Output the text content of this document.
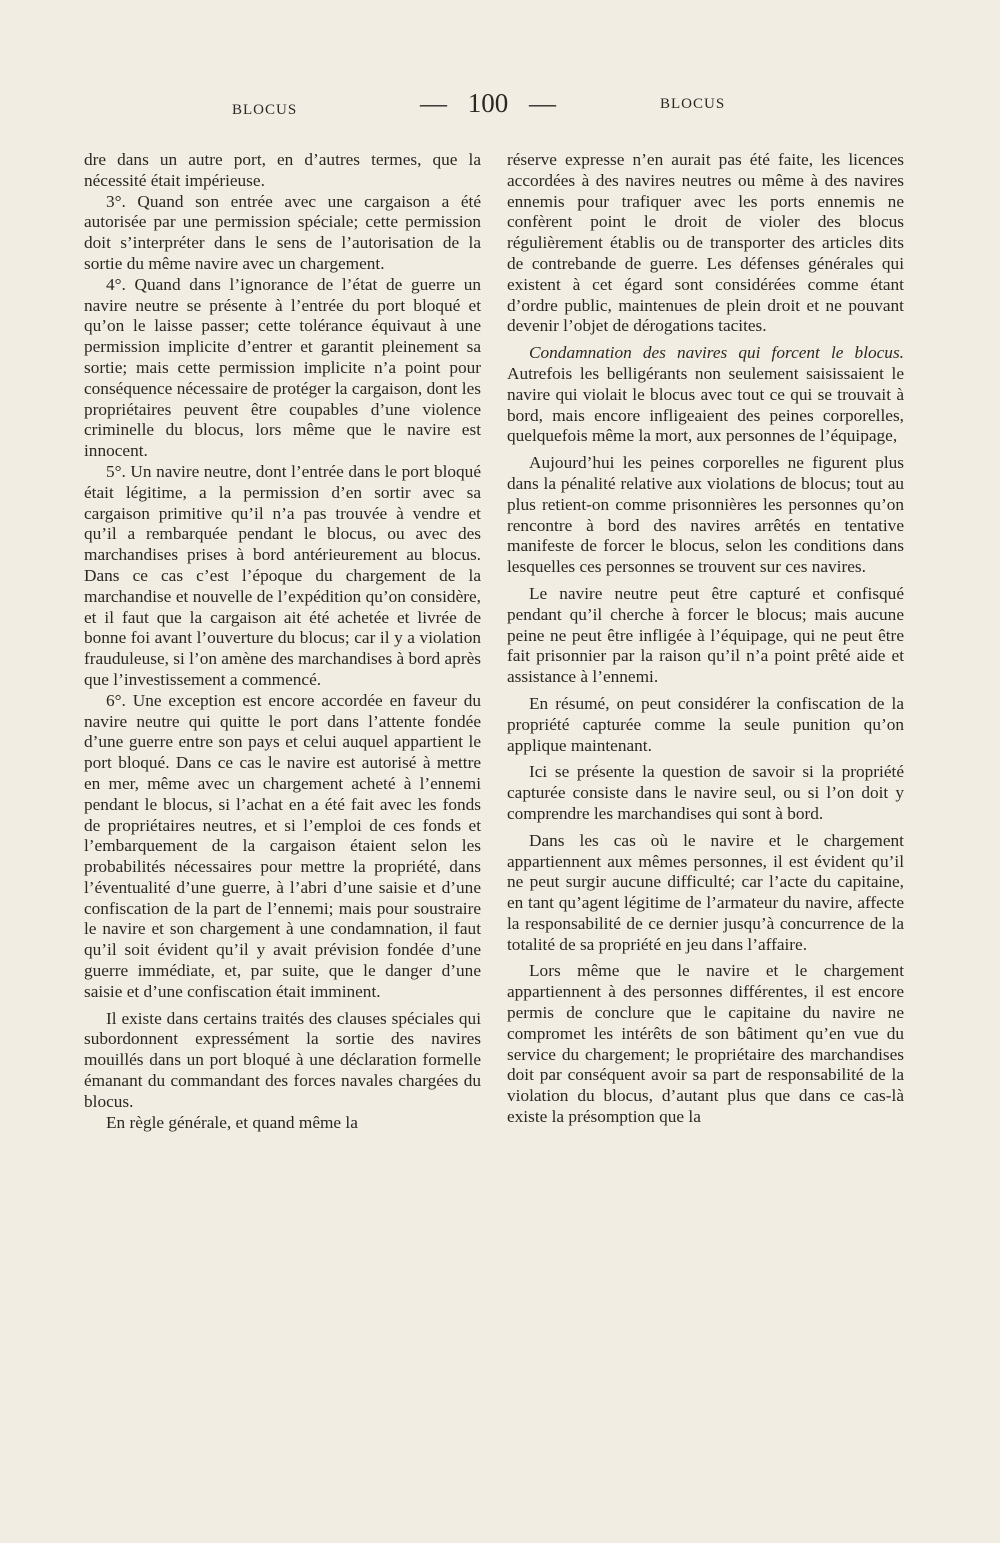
BLOCUS	— 100 —	BLOCUS

dre dans un autre port, en d’autres termes, que la nécessité était impérieuse.

3°. Quand son entrée avec une cargaison a été autorisée par une permission spéciale; cette permission doit s’interpréter dans le sens de l’autorisation de la sortie du même navire avec un chargement.

4°. Quand dans l’ignorance de l’état de guerre un navire neutre se présente à l’entrée du port bloqué et qu’on le laisse passer; cette tolérance équivaut à une permission implicite d’entrer et garantit pleinement sa sortie; mais cette permission implicite n’a point pour conséquence nécessaire de protéger la cargaison, dont les propriétaires peuvent être coupables d’une violence criminelle du blocus, lors même que le navire est innocent.

5°. Un navire neutre, dont l’entrée dans le port bloqué était légitime, a la permission d’en sortir avec sa cargaison primitive qu’il n’a pas trouvée à vendre et qu’il a rembarquée pendant le blocus, ou avec des marchandises prises à bord antérieurement au blocus. Dans ce cas c’est l’époque du chargement de la marchandise et nouvelle de l’expédition qu’on considère, et il faut que la cargaison ait été achetée et livrée de bonne foi avant l’ouverture du blocus; car il y a violation frauduleuse, si l’on amène des marchandises à bord après que l’investissement a commencé.

6°. Une exception est encore accordée en faveur du navire neutre qui quitte le port dans l’attente fondée d’une guerre entre son pays et celui auquel appartient le port bloqué. Dans ce cas le navire est autorisé à mettre en mer, même avec un chargement acheté à l’ennemi pendant le blocus, si l’achat en a été fait avec les fonds de propriétaires neutres, et si l’emploi de ces fonds et l’embarquement de la cargaison étaient selon les probabilités nécessaires pour mettre la propriété, dans l’éventualité d’une guerre, à l’abri d’une saisie et d’une confiscation de la part de l’ennemi; mais pour soustraire le navire et son chargement à une condamnation, il faut qu’il soit évident qu’il y avait prévision fondée d’une guerre immédiate, et, par suite, que le danger d’une saisie et d’une confiscation était imminent.

Il existe dans certains traités des clauses spéciales qui subordonnent expressément la sortie des navires mouillés dans un port bloqué à une déclaration formelle émanant du commandant des forces navales chargées du blocus.

En règle générale, et quand même la

réserve expresse n’en aurait pas été faite, les licences accordées à des navires neutres ou même à des navires ennemis pour trafiquer avec les ports ennemis ne confèrent point le droit de violer des blocus régulièrement établis ou de transporter des articles dits de contrebande de guerre. Les défenses générales qui existent à cet égard sont considérées comme étant d’ordre public, maintenues de plein droit et ne pouvant devenir l’objet de dérogations tacites.

Condamnation des navires qui forcent le blocus. Autrefois les belligérants non seulement saisissaient le navire qui violait le blocus avec tout ce qui se trouvait à bord, mais encore infligeaient des peines corporelles, quelquefois même la mort, aux personnes de l’équipage,

Aujourd’hui les peines corporelles ne figurent plus dans la pénalité relative aux violations de blocus; tout au plus retient-on comme prisonnières les personnes qu’on rencontre à bord des navires arrêtés en tentative manifeste de forcer le blocus, selon les conditions dans lesquelles ces personnes se trouvent sur ces navires.

Le navire neutre peut être capturé et confisqué pendant qu’il cherche à forcer le blocus; mais aucune peine ne peut être infligée à l’équipage, qui ne peut être fait prisonnier par la raison qu’il n’a point prêté aide et assistance à l’ennemi.

En résumé, on peut considérer la confiscation de la propriété capturée comme la seule punition qu’on applique maintenant.

Ici se présente la question de savoir si la propriété capturée consiste dans le navire seul, ou si l’on doit y comprendre les marchandises qui sont à bord.

Dans les cas où le navire et le chargement appartiennent aux mêmes personnes, il est évident qu’il ne peut surgir aucune difficulté; car l’acte du capitaine, en tant qu’agent légitime de l’armateur du navire, affecte la responsabilité de ce dernier jusqu’à concurrence de la totalité de sa propriété en jeu dans l’affaire.

Lors même que le navire et le chargement appartiennent à des personnes différentes, il est encore permis de conclure que le capitaine du navire ne compromet les intérêts de son bâtiment qu’en vue du service du chargement; le propriétaire des marchandises doit par conséquent avoir sa part de responsabilité de la violation du blocus, d’autant plus que dans ce cas-là existe la présomption que la
